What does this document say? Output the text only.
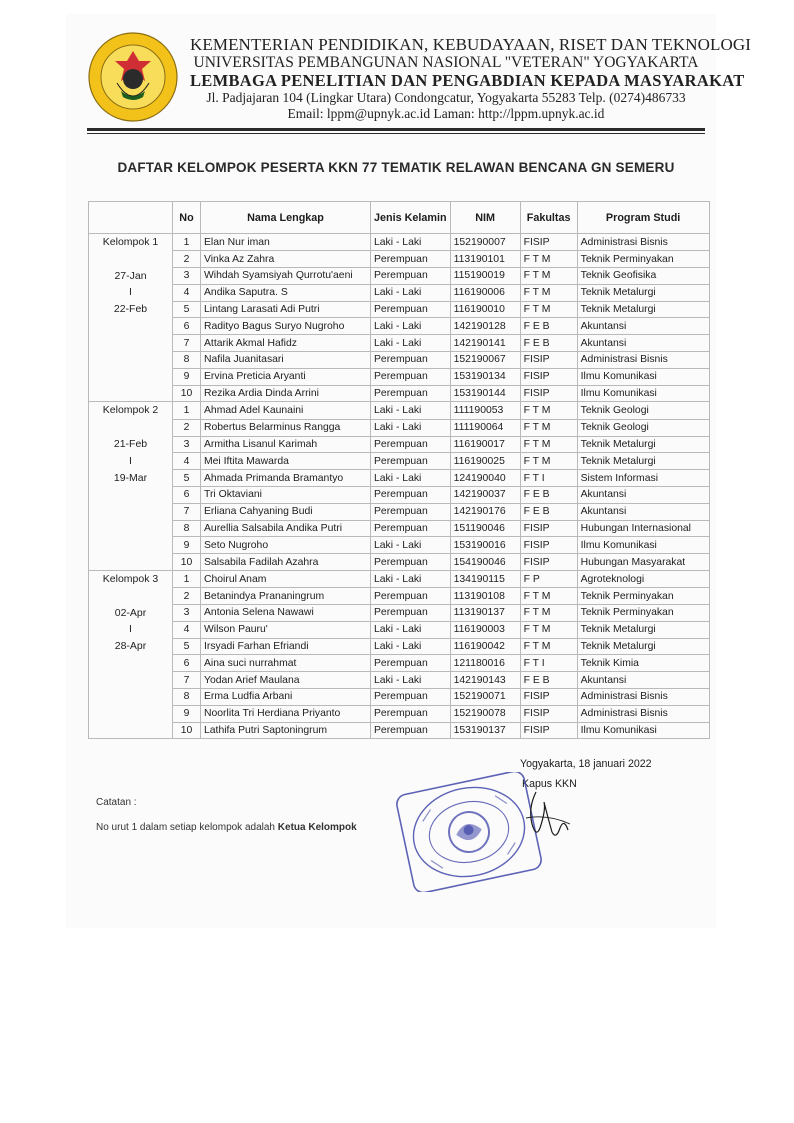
KEMENTERIAN PENDIDIKAN, KEBUDAYAAN, RISET DAN TEKNOLOGI
UNIVERSITAS PEMBANGUNAN NASIONAL "VETERAN" YOGYAKARTA
LEMBAGA PENELITIAN DAN PENGABDIAN KEPADA MASYARAKAT
Jl. Padjajaran 104 (Lingkar Utara) Condongcatur, Yogyakarta 55283 Telp. (0274)486733
Email: lppm@upnyk.ac.id Laman: http://lppm.upnyk.ac.id
DAFTAR KELOMPOK PESERTA KKN 77 TEMATIK RELAWAN BENCANA GN SEMERU
	No	Nama Lengkap	Jenis Kelamin	NIM	Fakultas	Program Studi

Kelompok 1	1	Elan Nur iman	Laki - Laki	152190007	FISIP	Administrasi Bisnis

	2	Vinka Az Zahra	Perempuan	113190101	F T M	Teknik Perminyakan

27-Jan	3	Wihdah Syamsiyah Qurrotu'aeni	Perempuan	115190019	F T M	Teknik Geofisika

I	4	Andika Saputra. S	Laki - Laki	116190006	F T M	Teknik Metalurgi

22-Feb	5	Lintang Larasati Adi Putri	Perempuan	116190010	F T M	Teknik Metalurgi
	6	Radityo Bagus Suryo Nugroho	Laki - Laki	142190128	F E B	Akuntansi
	7	Attarik Akmal Hafidz	Laki - Laki	142190141	F E B	Akuntansi
	8	Nafila Juanitasari	Perempuan	152190067	FISIP	Administrasi Bisnis
	9	Ervina Preticia Aryanti	Perempuan	153190134	FISIP	Ilmu Komunikasi
	10	Rezika Ardia Dinda Arrini	Perempuan	153190144	FISIP	Ilmu Komunikasi

Kelompok 2	1	Ahmad Adel Kaunaini	Laki - Laki	111190053	F T M	Teknik Geologi

	2	Robertus Belarminus Rangga	Laki - Laki	111190064	F T M	Teknik Geologi

21-Feb	3	Armitha Lisanul Karimah	Perempuan	116190017	F T M	Teknik Metalurgi

I	4	Mei Iftita Mawarda	Perempuan	116190025	F T M	Teknik Metalurgi

19-Mar	5	Ahmada Primanda Bramantyo	Laki - Laki	124190040	F T I	Sistem Informasi
	6	Tri Oktaviani	Perempuan	142190037	F E B	Akuntansi
	7	Erliana Cahyaning Budi	Perempuan	142190176	F E B	Akuntansi
	8	Aurellia Salsabila Andika Putri	Perempuan	151190046	FISIP	Hubungan Internasional
	9	Seto Nugroho	Laki - Laki	153190016	FISIP	Ilmu Komunikasi
	10	Salsabila Fadilah Azahra	Perempuan	154190046	FISIP	Hubungan Masyarakat

Kelompok 3	1	Choirul Anam	Laki - Laki	134190115	F P	Agroteknologi

	2	Betanindya Prananingrum	Perempuan	113190108	F T M	Teknik Perminyakan

02-Apr	3	Antonia Selena Nawawi	Perempuan	113190137	F T M	Teknik Perminyakan

I	4	Wilson Pauru'	Laki - Laki	116190003	F T M	Teknik Metalurgi

28-Apr	5	Irsyadi Farhan Efriandi	Laki - Laki	116190042	F T M	Teknik Metalurgi
	6	Aina suci nurrahmat	Perempuan	121180016	F T I	Teknik Kimia
	7	Yodan Arief Maulana	Laki - Laki	142190143	F E B	Akuntansi
	8	Erma Ludfia Arbani	Perempuan	152190071	FISIP	Administrasi Bisnis
	9	Noorlita Tri Herdiana Priyanto	Perempuan	152190078	FISIP	Administrasi Bisnis
	10	Lathifa Putri Saptoningrum	Perempuan	153190137	FISIP	Ilmu Komunikasi
Yogyakarta, 18 januari 2022
Kapus KKN
Catatan :
No urut 1 dalam setiap kelompok adalah Ketua Kelompok
